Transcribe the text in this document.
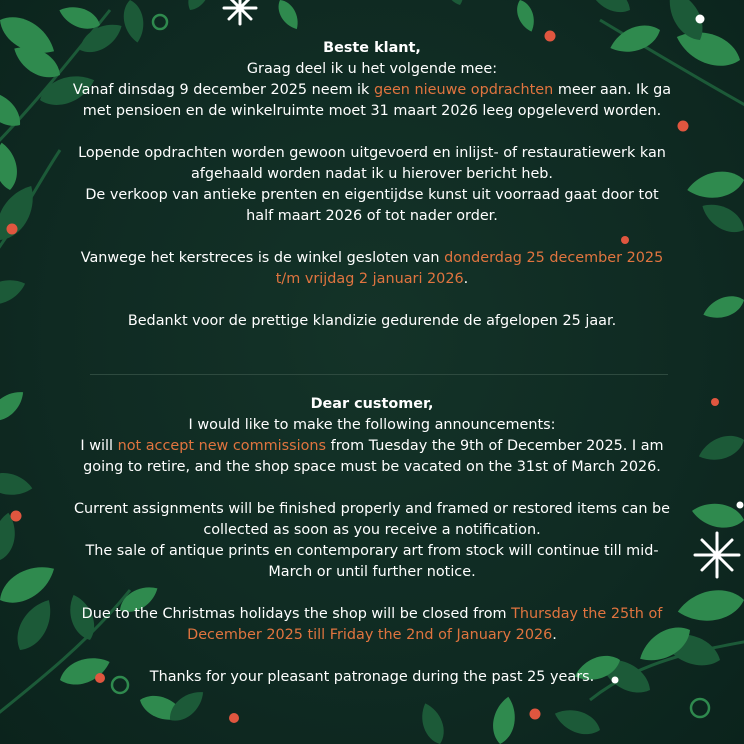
Beste klant,

Graag deel ik u het volgende mee:

Vanaf dinsdag 9 december 2025 neem ik geen nieuwe opdrachten meer aan. Ik ga met pensioen en de winkelruimte moet 31 maart 2026 leeg opgeleverd worden.

Lopende opdrachten worden gewoon uitgevoerd en inlijst- of restauratiewerk kan afgehaald worden nadat ik u hierover bericht heb.

De verkoop van antieke prenten en eigentijdse kunst uit voorraad gaat door tot half maart 2026 of tot nader order.

Vanwege het kerstreces is de winkel gesloten van donderdag 25 december 2025 t/m vrijdag 2 januari 2026.

Bedankt voor de prettige klandizie gedurende de afgelopen 25 jaar.

Dear customer,

I would like to make the following announcements:

I will not accept new commissions from Tuesday the 9th of December 2025. I am going to retire, and the shop space must be vacated on the 31st of March 2026.

Current assignments will be finished properly and framed or restored items can be collected as soon as you receive a notification.

The sale of antique prints en contemporary art from stock will continue till mid-March or until further notice.

Due to the Christmas holidays the shop will be closed from Thursday the 25th of December 2025 till Friday the 2nd of January 2026.

Thanks for your pleasant patronage during the past 25 years.
